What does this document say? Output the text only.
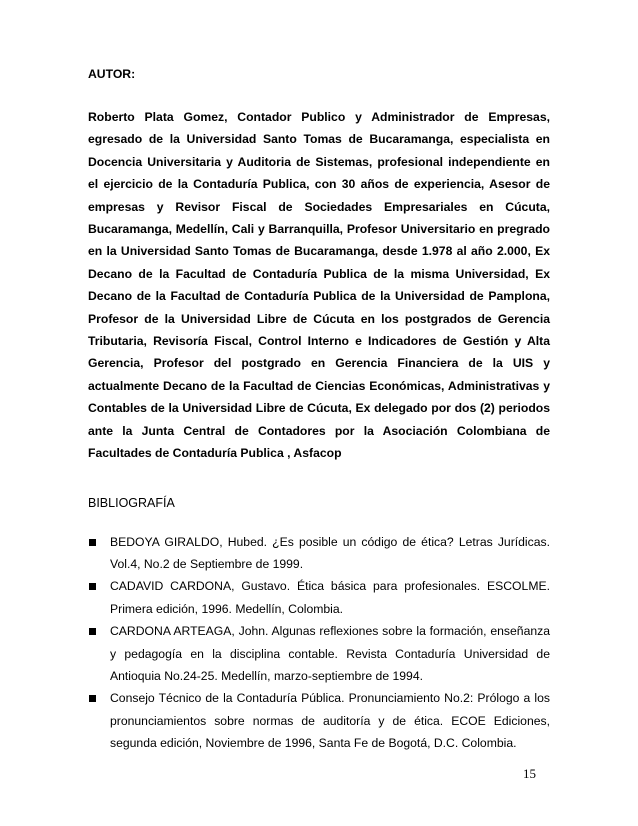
AUTOR:

Roberto Plata Gomez, Contador Publico y Administrador de Empresas, egresado de la Universidad Santo Tomas de Bucaramanga, especialista en Docencia Universitaria y Auditoria de Sistemas, profesional independiente en el ejercicio de la Contaduría Publica, con 30 años de experiencia, Asesor de empresas y Revisor Fiscal de Sociedades Empresariales en Cúcuta, Bucaramanga, Medellín, Cali y Barranquilla, Profesor Universitario en pregrado en la Universidad Santo Tomas de Bucaramanga, desde 1.978 al año 2.000, Ex Decano de la Facultad de Contaduría Publica de la misma Universidad, Ex Decano de la Facultad de Contaduría Publica de la Universidad de Pamplona, Profesor de la Universidad Libre de Cúcuta en los postgrados de Gerencia Tributaria, Revisoría Fiscal, Control Interno e Indicadores de Gestión y Alta Gerencia, Profesor del postgrado en Gerencia Financiera de la UIS y actualmente Decano de la Facultad de Ciencias Económicas, Administrativas y Contables de la Universidad Libre de Cúcuta, Ex delegado por dos (2) periodos ante la Junta Central de Contadores por la Asociación Colombiana de Facultades de Contaduría Publica , Asfacop

BIBLIOGRAFÍA

BEDOYA GIRALDO, Hubed. ¿Es posible un código de ética? Letras Jurídicas. Vol.4, No.2 de Septiembre de 1999.
CADAVID CARDONA, Gustavo. Ética básica para profesionales. ESCOLME. Primera edición, 1996. Medellín, Colombia.
CARDONA ARTEAGA, John. Algunas reflexiones sobre la formación, enseñanza y pedagogía en la disciplina contable. Revista Contaduría Universidad de Antioquia No.24-25. Medellín, marzo-septiembre de 1994.
Consejo Técnico de la Contaduría Pública. Pronunciamiento No.2: Prólogo a los pronunciamientos sobre normas de auditoría y de ética. ECOE Ediciones, segunda edición, Noviembre de 1996, Santa Fe de Bogotá, D.C. Colombia.
15
